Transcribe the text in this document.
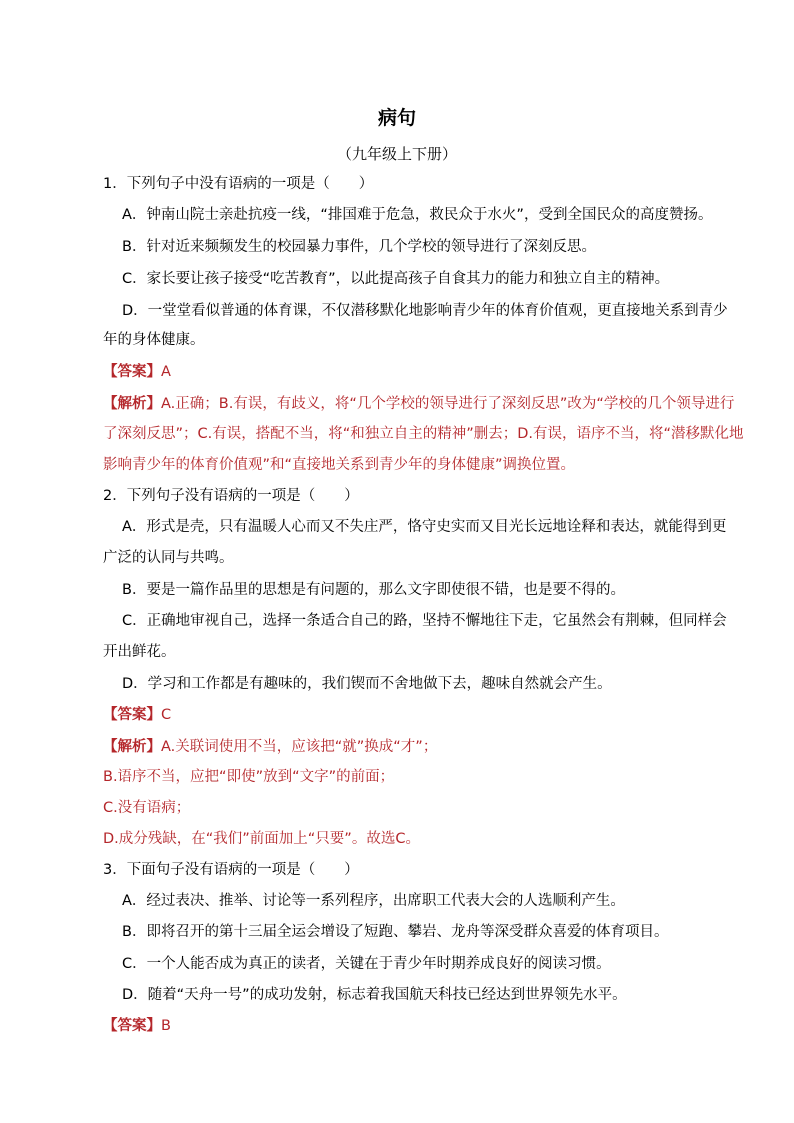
病句
（九年级上下册）
1．下列句子中没有语病的一项是（　　）
A．钟南山院士亲赴抗疫一线，“排国难于危急，救民众于水火”，受到全国民众的高度赞扬。
B．针对近来频频发生的校园暴力事件，几个学校的领导进行了深刻反思。
C．家长要让孩子接受“吃苦教育”，以此提高孩子自食其力的能力和独立自主的精神。
D．一堂堂看似普通的体育课，不仅潜移默化地影响青少年的体育价值观，更直接地关系到青少
年的身体健康。
【答案】A
【解析】A.正确；B.有误，有歧义，将“几个学校的领导进行了深刻反思”改为“学校的几个领导进行
了深刻反思”；C.有误，搭配不当，将“和独立自主的精神”删去；D.有误，语序不当，将“潜移默化地
影响青少年的体育价值观”和“直接地关系到青少年的身体健康”调换位置。
2．下列句子没有语病的一项是（　　）
A．形式是壳，只有温暖人心而又不失庄严，恪守史实而又目光长远地诠释和表达，就能得到更
广泛的认同与共鸣。
B．要是一篇作品里的思想是有问题的，那么文字即使很不错，也是要不得的。
C．正确地审视自己，选择一条适合自己的路，坚持不懈地往下走，它虽然会有荆棘，但同样会
开出鲜花。
D．学习和工作都是有趣味的，我们锲而不舍地做下去，趣味自然就会产生。
【答案】C
【解析】A.关联词使用不当，应该把“就”换成“才”；
B.语序不当，应把“即使”放到“文字”的前面；
C.没有语病；
D.成分残缺，在“我们”前面加上“只要”。故选C。
3．下面句子没有语病的一项是（　　）
A．经过表决、推举、讨论等一系列程序，出席职工代表大会的人选顺利产生。
B．即将召开的第十三届全运会增设了短跑、攀岩、龙舟等深受群众喜爱的体育项目。
C．一个人能否成为真正的读者，关键在于青少年时期养成良好的阅读习惯。
D．随着“天舟一号”的成功发射，标志着我国航天科技已经达到世界领先水平。
【答案】B
